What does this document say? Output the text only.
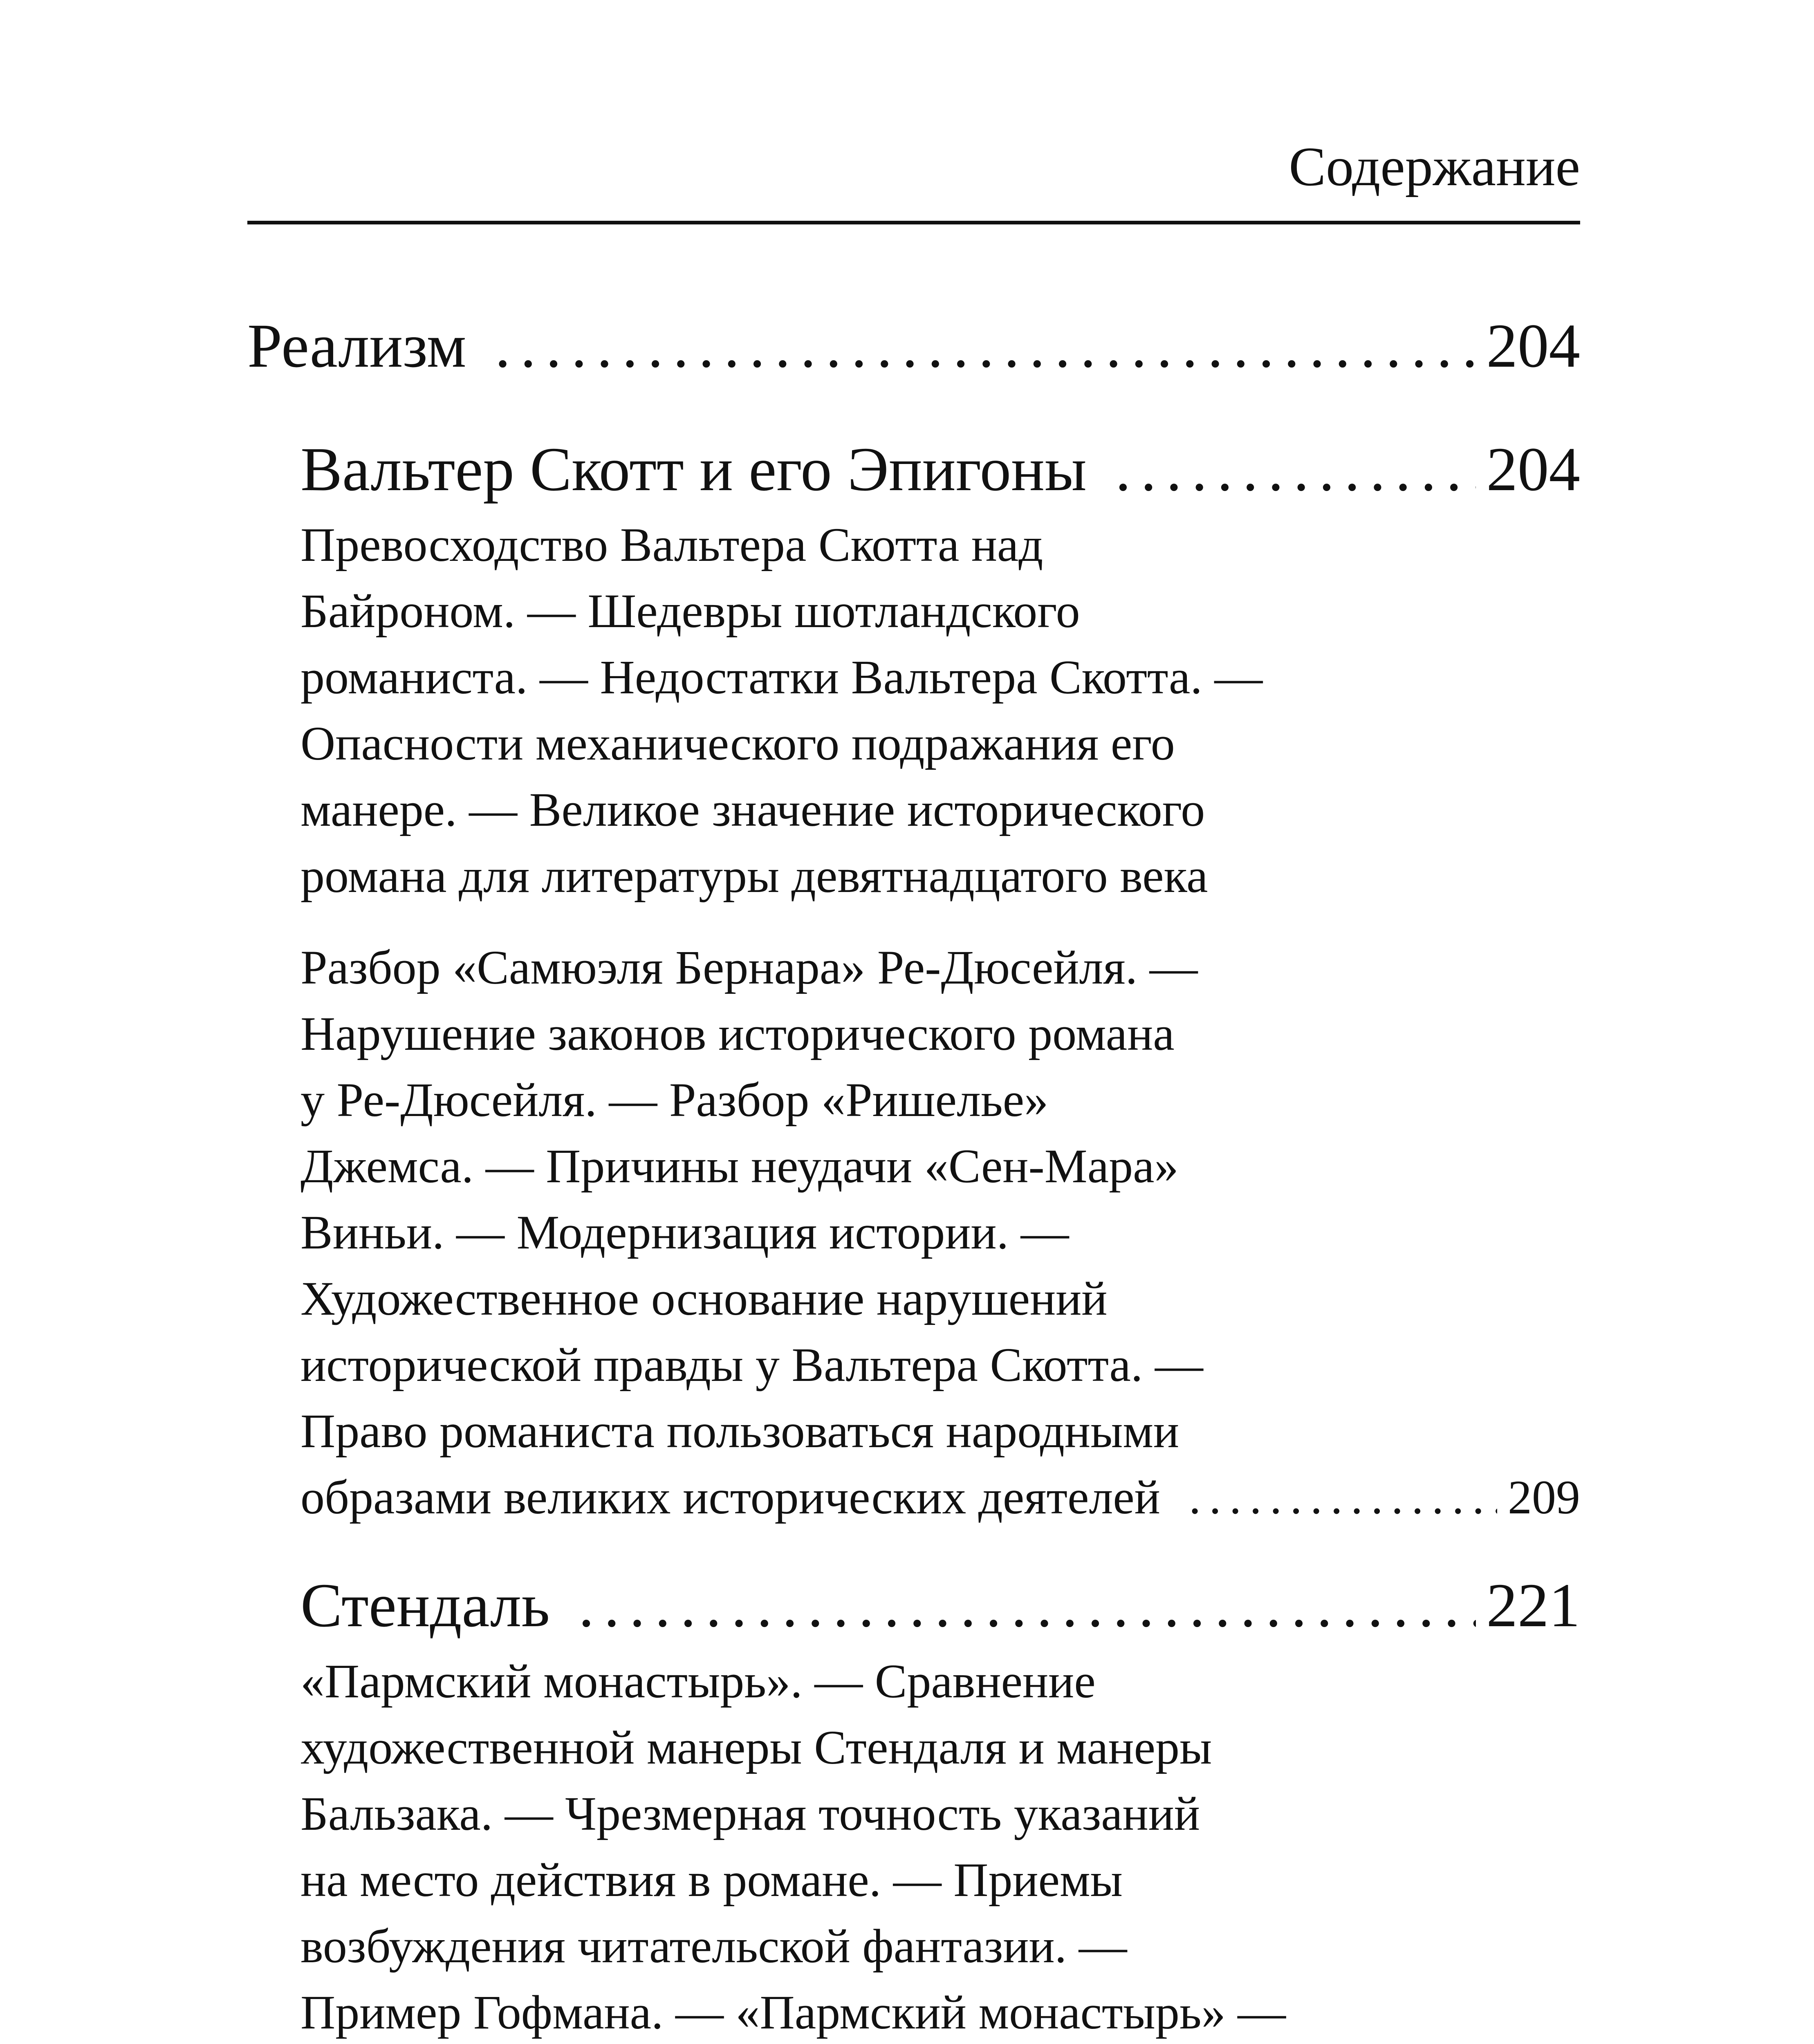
Содержание
Реализм .....	204
Вальтер Скотт и его Эпигоны .....	204
Превосходство Вальтера Скотта над
Байроном. — Шедевры шотландского
романиста. — Недостатки Вальтера Скотта. —
Опасности механического подражания его
манере. — Великое значение исторического
романа для литературы девятнадцатого века
Разбор «Самюэля Бернара» Ре-Дюсейля. —
Нарушение законов исторического романа
у Ре-Дюсейля. — Разбор «Ришелье»
Джемса. — Причины неудачи «Сен-Мара»
Виньи. — Модернизация истории. —
Художественное основание нарушений
исторической правды у Вальтера Скотта. —
Право романиста пользоваться народными
образами великих исторических деятелей .....	209
Стендаль .....	221
«Пармский монастырь». — Сравнение
художественной манеры Стендаля и манеры
Бальзака. — Чрезмерная точность указаний
на место действия в романе. — Приемы
возбуждения читательской фантазии. —
Пример Гофмана. — «Пармский монастырь» —
